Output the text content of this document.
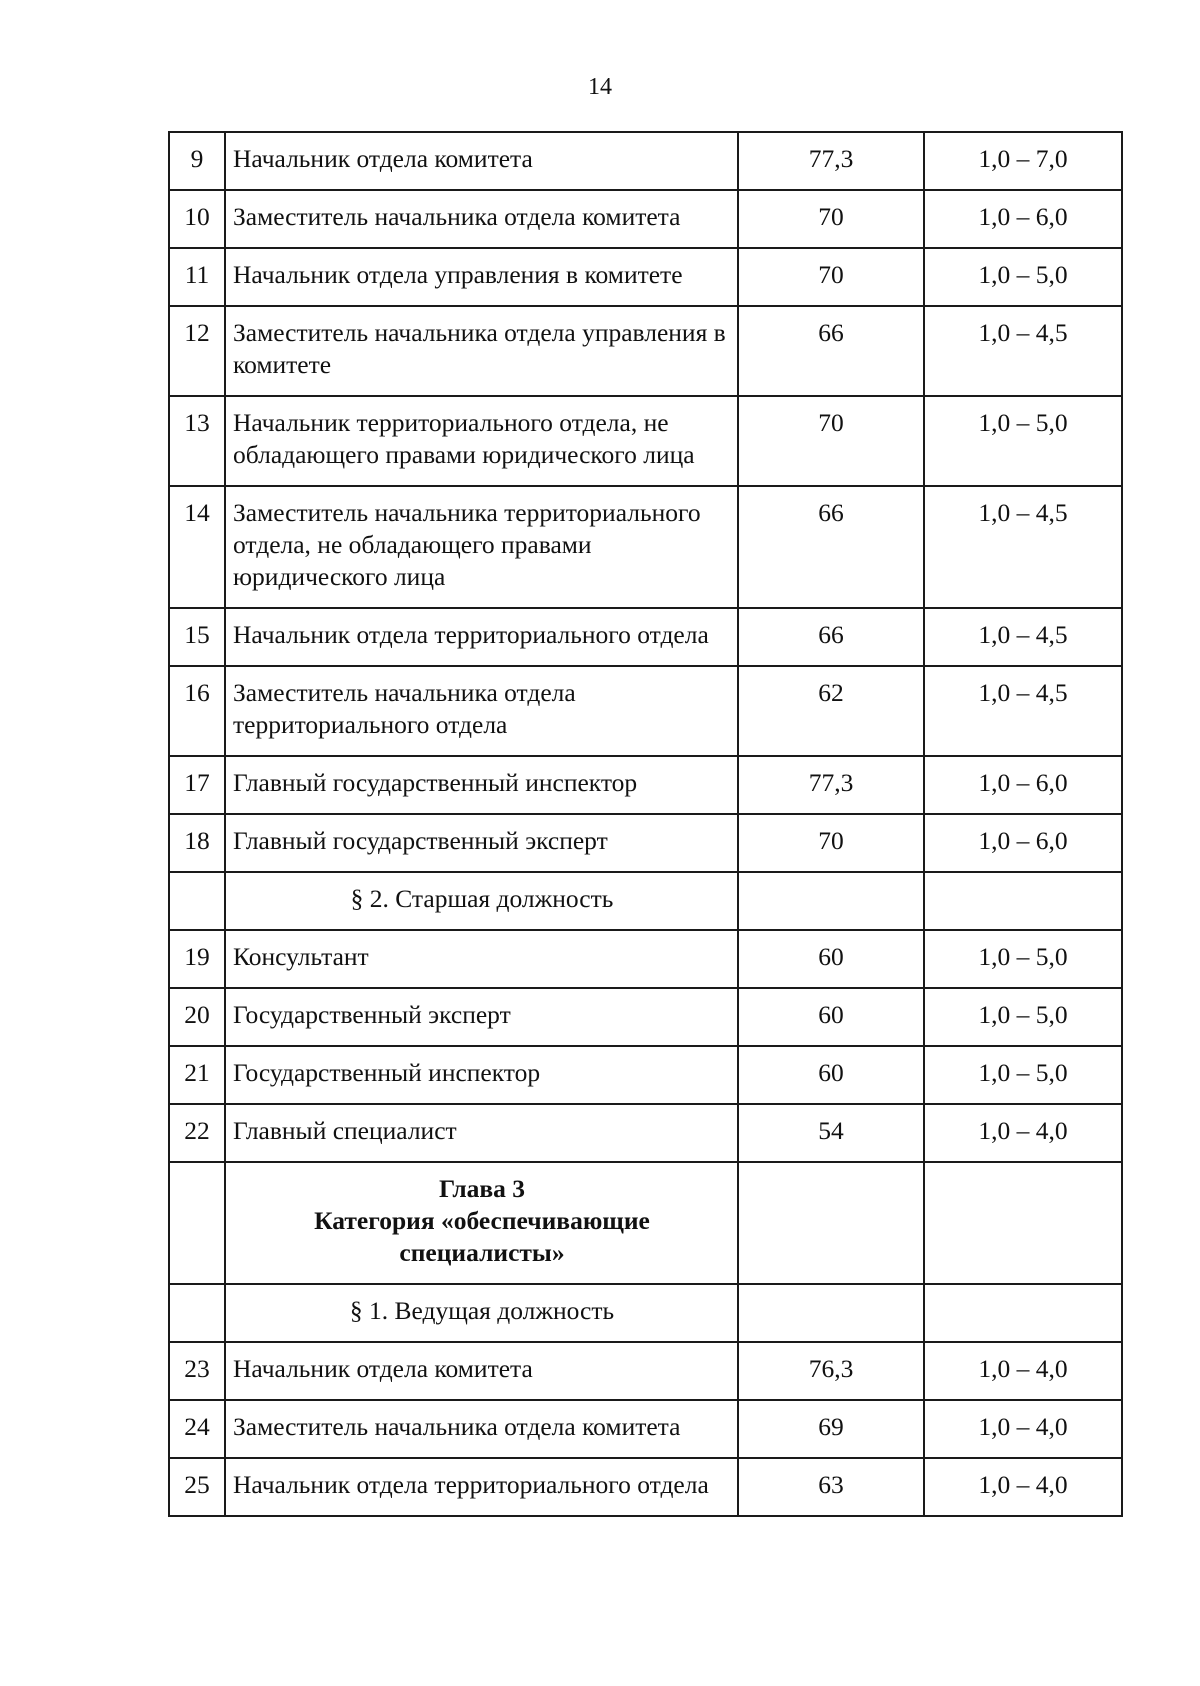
14
9	Начальник отдела комитета	77,3	1,0 – 7,0
10	Заместитель начальника отдела комитета	70	1,0 – 6,0
11	Начальник отдела управления в комитете	70	1,0 – 5,0
12	Заместитель начальника отдела управления в комитете	66	1,0 – 4,5
13	Начальник территориального отдела, не обладающего правами юридического лица	70	1,0 – 5,0
14	Заместитель начальника территориального отдела, не обладающего правами юридического лица	66	1,0 – 4,5
15	Начальник отдела территориального отдела	66	1,0 – 4,5
16	Заместитель начальника отдела территориального отдела	62	1,0 – 4,5
17	Главный государственный инспектор	77,3	1,0 – 6,0
18	Главный государственный эксперт	70	1,0 – 6,0
	§ 2. Старшая должность		
19	Консультант	60	1,0 – 5,0
20	Государственный эксперт	60	1,0 – 5,0
21	Государственный инспектор	60	1,0 – 5,0
22	Главный специалист	54	1,0 – 4,0

	Глава 3
Категория «обеспечивающие
специалисты»		

	§ 1. Ведущая должность		
23	Начальник отдела комитета	76,3	1,0 – 4,0
24	Заместитель начальника отдела комитета	69	1,0 – 4,0
25	Начальник отдела территориального отдела	63	1,0 – 4,0
